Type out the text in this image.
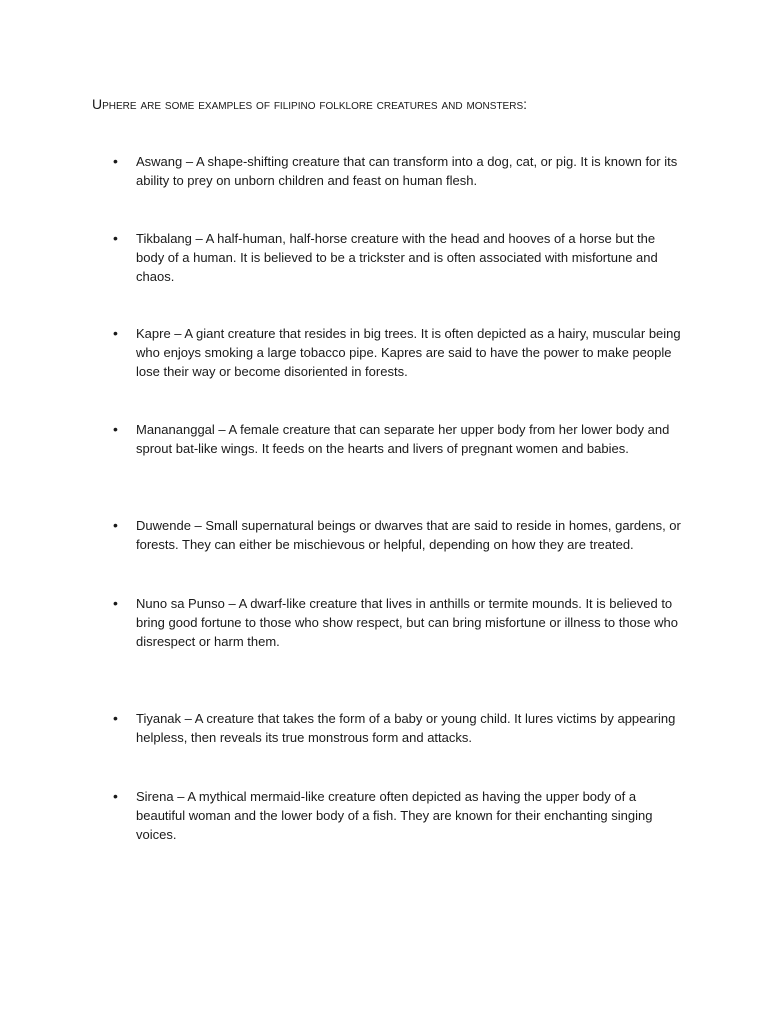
Uphere are some examples of filipino folklore creatures and monsters:

• Aswang – A shape-shifting creature that can transform into a dog, cat, or pig. It is known for its ability to prey on unborn children and feast on human flesh.
• Tikbalang – A half-human, half-horse creature with the head and hooves of a horse but the body of a human. It is believed to be a trickster and is often associated with misfortune and chaos.
• Kapre – A giant creature that resides in big trees. It is often depicted as a hairy, muscular being who enjoys smoking a large tobacco pipe. Kapres are said to have the power to make people lose their way or become disoriented in forests.
• Manananggal – A female creature that can separate her upper body from her lower body and sprout bat-like wings. It feeds on the hearts and livers of pregnant women and babies.
• Duwende – Small supernatural beings or dwarves that are said to reside in homes, gardens, or forests. They can either be mischievous or helpful, depending on how they are treated.
• Nuno sa Punso – A dwarf-like creature that lives in anthills or termite mounds. It is believed to bring good fortune to those who show respect, but can bring misfortune or illness to those who disrespect or harm them.
• Tiyanak – A creature that takes the form of a baby or young child. It lures victims by appearing helpless, then reveals its true monstrous form and attacks.
• Sirena – A mythical mermaid-like creature often depicted as having the upper body of a beautiful woman and the lower body of a fish. They are known for their enchanting singing voices.
